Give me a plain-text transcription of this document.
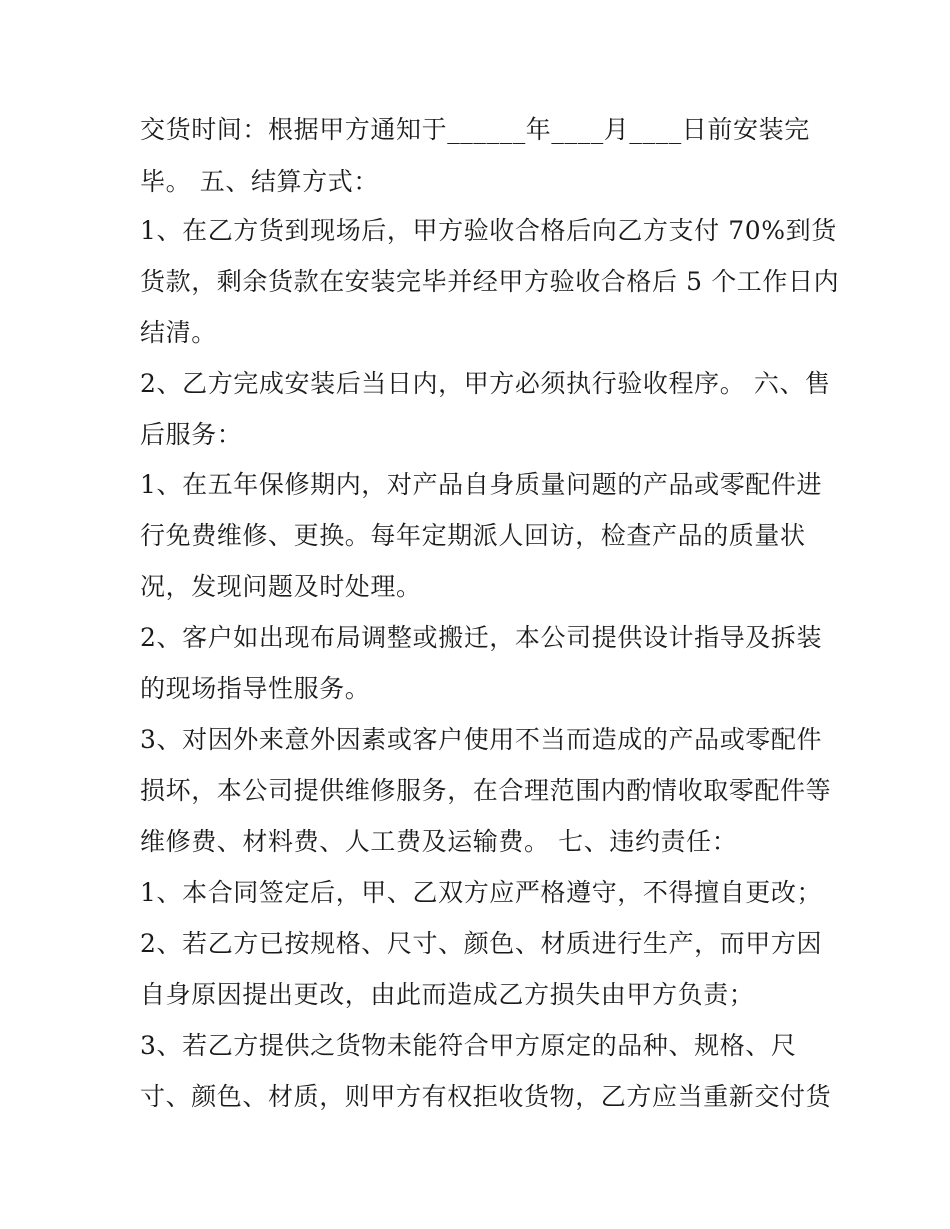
交货时间：根据甲方通知于______年____月____日前安装完

毕。 五、结算方式：

1、在乙方货到现场后，甲方验收合格后向乙方支付 70%到货

货款，剩余货款在安装完毕并经甲方验收合格后 5 个工作日内

结清。

2、乙方完成安装后当日内，甲方必须执行验收程序。 六、售

后服务：

1、在五年保修期内，对产品自身质量问题的产品或零配件进

行免费维修、更换。每年定期派人回访，检查产品的质量状

况，发现问题及时处理。

2、客户如出现布局调整或搬迁，本公司提供设计指导及拆装

的现场指导性服务。

3、对因外来意外因素或客户使用不当而造成的产品或零配件

损坏，本公司提供维修服务，在合理范围内酌情收取零配件等

维修费、材料费、人工费及运输费。 七、违约责任：

1、本合同签定后，甲、乙双方应严格遵守，不得擅自更改；

2、若乙方已按规格、尺寸、颜色、材质进行生产，而甲方因

自身原因提出更改，由此而造成乙方损失由甲方负责；

3、若乙方提供之货物未能符合甲方原定的品种、规格、尺

寸、颜色、材质，则甲方有权拒收货物，乙方应当重新交付货
